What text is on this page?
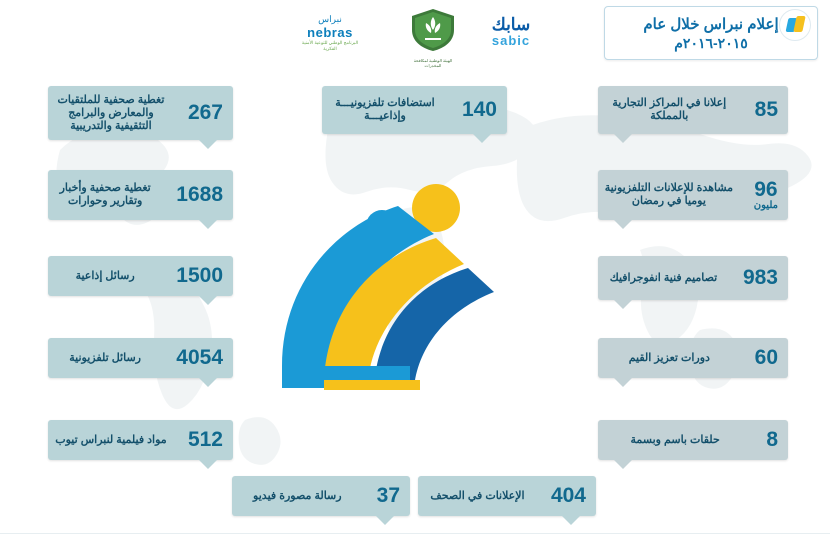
نبراس
nebras
البرنامج الوطني للتوعية الأمنية الفكرية
الهيئة الوطنية لمكافحة المخدرات
سابك
sabic
إعلام نبراس خلال عام
٢٠١٥-٢٠١٦م
267
تغطية صحفية للملتقيات والمعارض والبرامج التثقيفية والتدريبية
1688
تغطية صحفية وأخبار وتقارير وحوارات
1500
رسائل إذاعية
4054
رسائل تلفزيونية
512
مواد فيلمية لنبراس تيوب
140
استضافات تلفزيونيـــة وإذاعيـــة	85
إعلانا في المراكز التجارية بالمملكة
96
مليون
مشاهدة للإعلانات التلفزيونية يوميا في رمضان
983
تصاميم فنية انفوجرافيك
60
دورات تعزيز القيم
8
حلقات باسم وبسمة
37
رسالة مصورة فيديو	404
الإعلانات في الصحف
